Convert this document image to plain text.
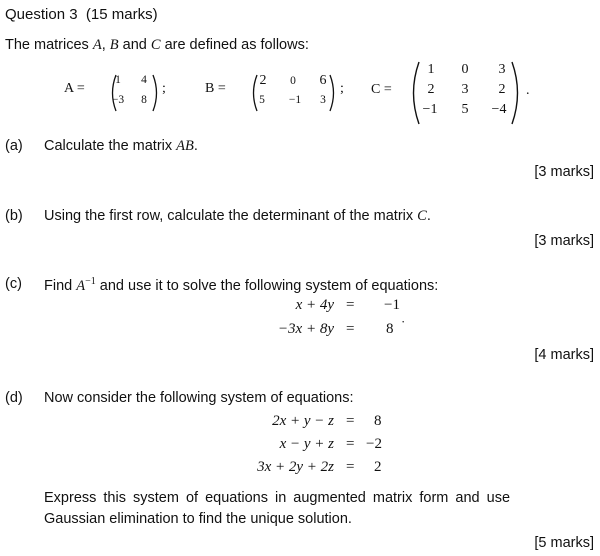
Question 3 (15 marks)
The matrices A, B and C are defined as follows:
A =
1	4
−3	8
;	B =
2	0	6
5	−1	3
; C =
1	0	3
2	3	2
−1	5	−4
.
(a) Calculate the matrix AB.
[3 marks]
(b) Using the first row, calculate the determinant of the matrix C.
[3 marks]
(c) Find $A^{-1}$ and use it to solve the following system of equations:
x + 4y = −1
−3x + 8y = 8 ·
[4 marks]
(d) Now consider the following system of equations:
2x + y − z = 8
x − y + z = −2
3x + 2y + 2z = 2
Express this system of equations in augmented matrix form and use
Gaussian elimination to find the unique solution.
[5 marks]
